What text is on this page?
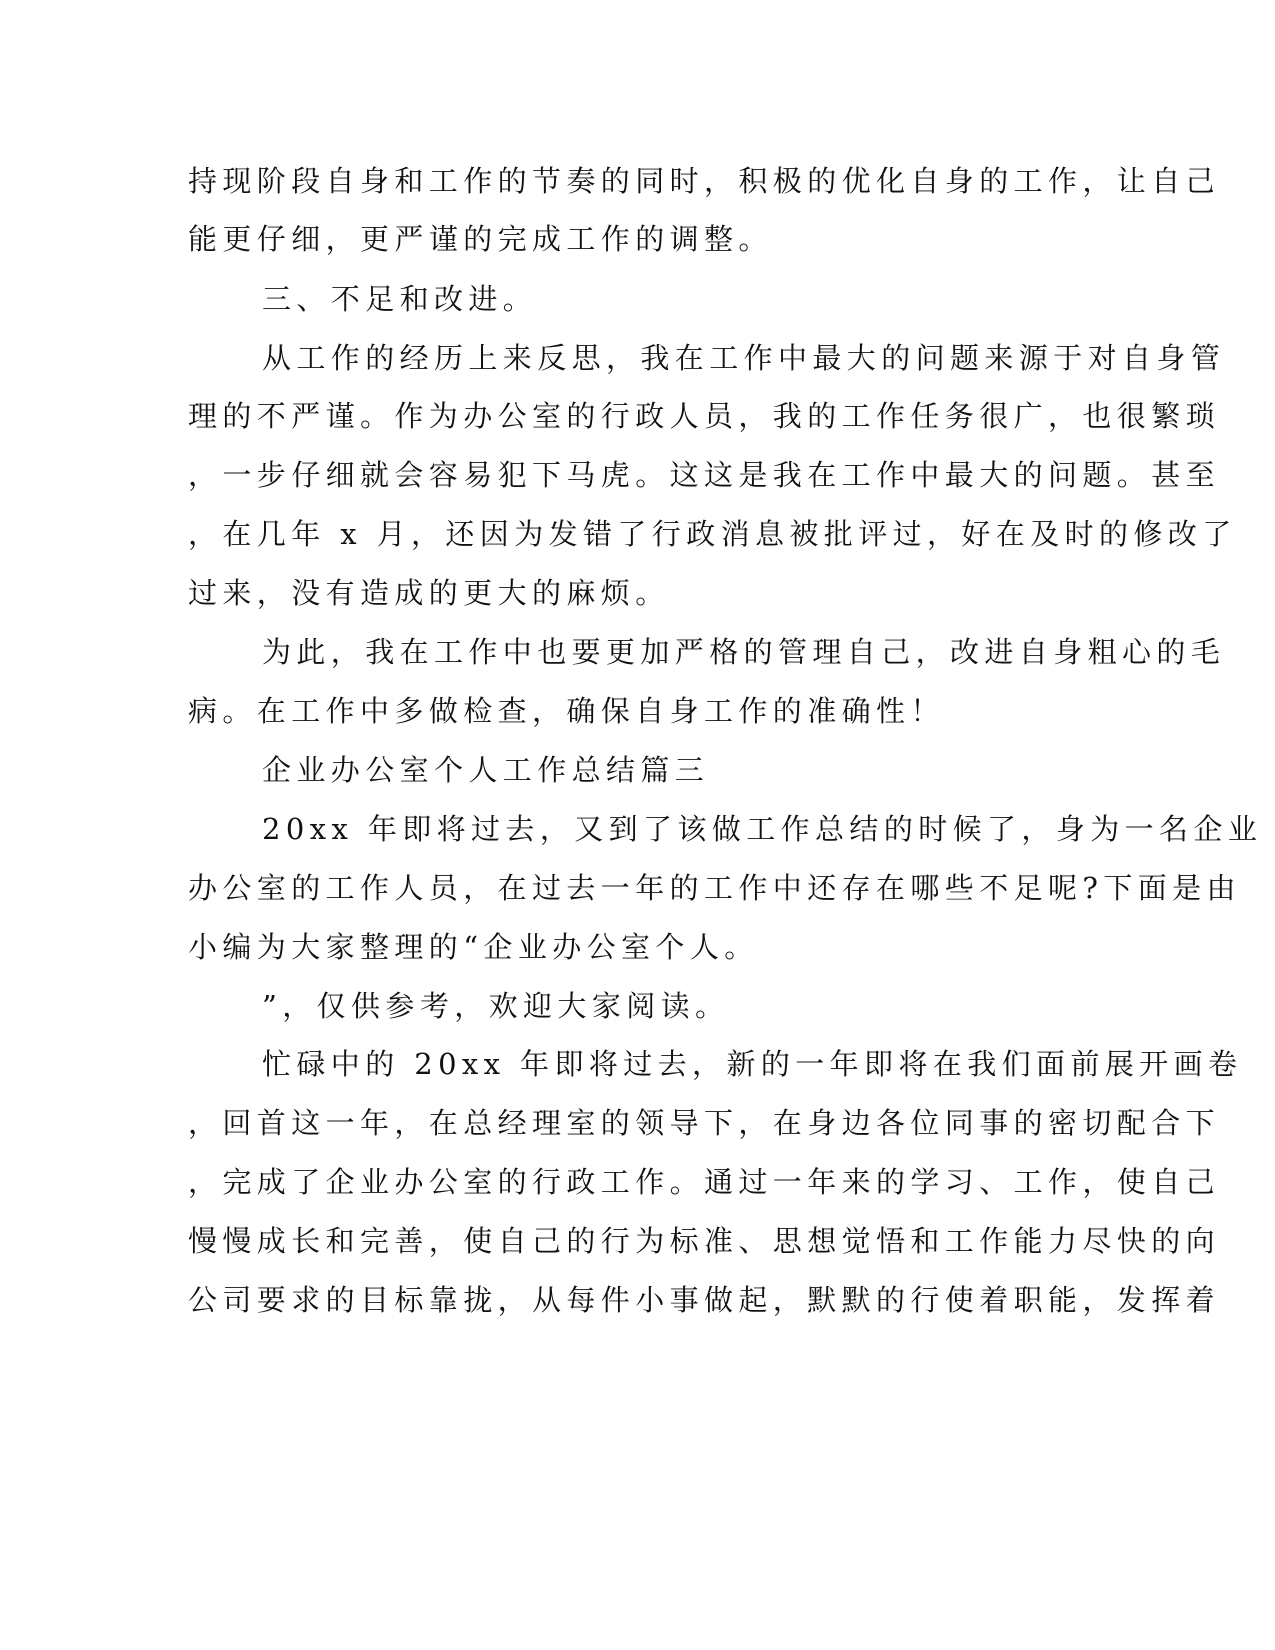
持现阶段自身和工作的节奏的同时，积极的优化自身的工作，让自己
能更仔细，更严谨的完成工作的调整。
三、不足和改进。
从工作的经历上来反思，我在工作中最大的问题来源于对自身管
理的不严谨。作为办公室的行政人员，我的工作任务很广，也很繁琐
，一步仔细就会容易犯下马虎。这这是我在工作中最大的问题。甚至
，在几年 x 月，还因为发错了行政消息被批评过，好在及时的修改了
过来，没有造成的更大的麻烦。
为此，我在工作中也要更加严格的管理自己，改进自身粗心的毛
病。在工作中多做检查，确保自身工作的准确性！
企业办公室个人工作总结篇三
20xx 年即将过去，又到了该做工作总结的时候了，身为一名企业
办公室的工作人员，在过去一年的工作中还存在哪些不足呢?下面是由
小编为大家整理的“企业办公室个人。
”，仅供参考，欢迎大家阅读。
忙碌中的 20xx 年即将过去，新的一年即将在我们面前展开画卷
，回首这一年，在总经理室的领导下，在身边各位同事的密切配合下
，完成了企业办公室的行政工作。通过一年来的学习、工作，使自己
慢慢成长和完善，使自己的行为标准、思想觉悟和工作能力尽快的向
公司要求的目标靠拢，从每件小事做起，默默的行使着职能，发挥着
